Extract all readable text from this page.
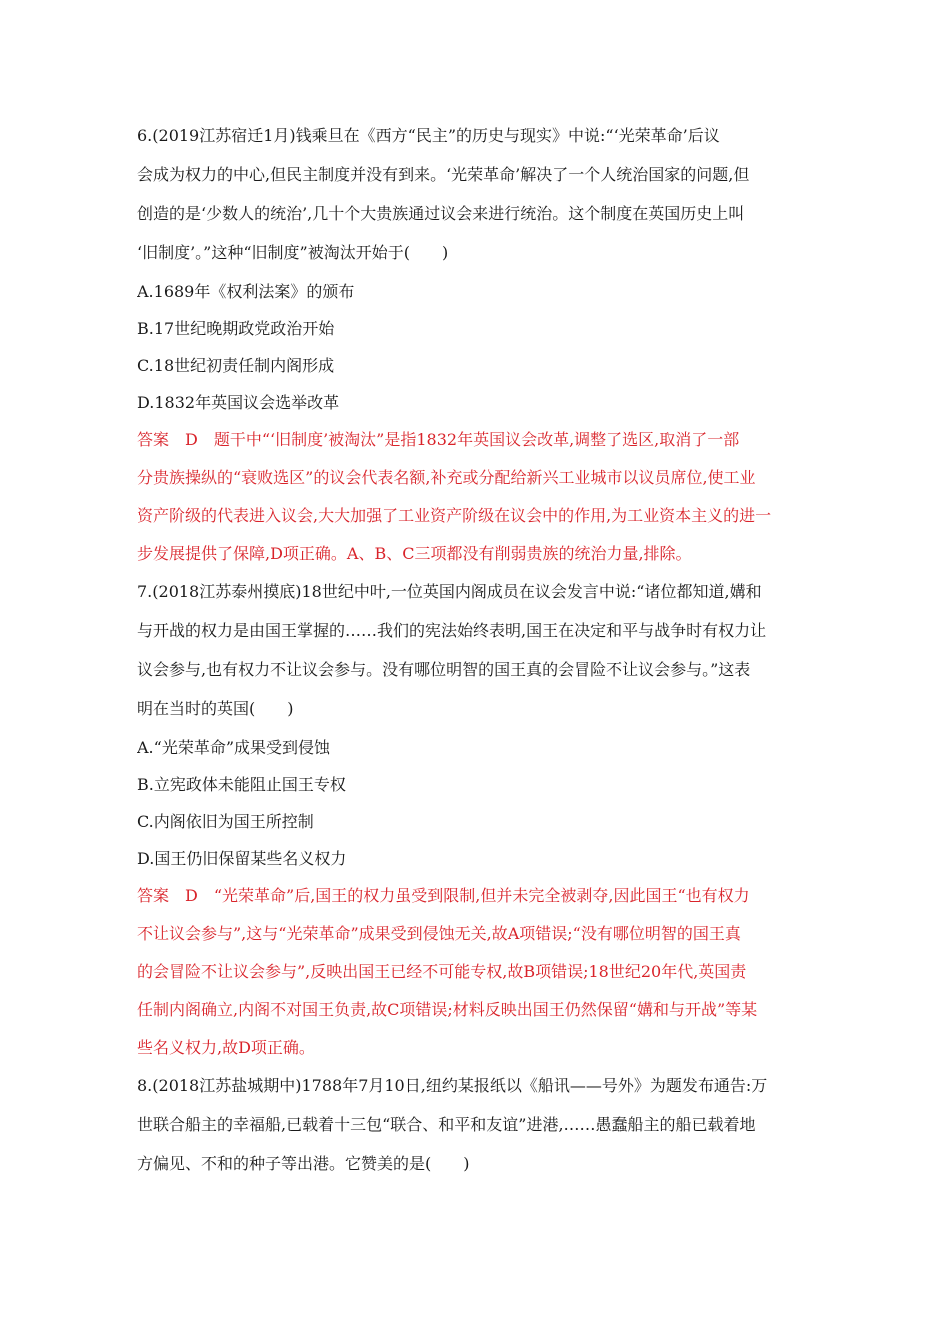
6.(2019江苏宿迁1月)钱乘旦在《西方“民主”的历史与现实》中说:“‘光荣革命’后议
会成为权力的中心,但民主制度并没有到来。‘光荣革命’解决了一个人统治国家的问题,但
创造的是‘少数人的统治’,几十个大贵族通过议会来进行统治。这个制度在英国历史上叫
‘旧制度’。”这种“旧制度”被淘汰开始于(　　)
A.1689年《权利法案》的颁布
B.17世纪晚期政党政治开始
C.18世纪初责任制内阁形成
D.1832年英国议会选举改革
答案　D　题干中“‘旧制度’被淘汰”是指1832年英国议会改革,调整了选区,取消了一部
分贵族操纵的“衰败选区”的议会代表名额,补充或分配给新兴工业城市以议员席位,使工业
资产阶级的代表进入议会,大大加强了工业资产阶级在议会中的作用,为工业资本主义的进一
步发展提供了保障,D项正确。A、B、C三项都没有削弱贵族的统治力量,排除。
7.(2018江苏泰州摸底)18世纪中叶,一位英国内阁成员在议会发言中说:“诸位都知道,媾和
与开战的权力是由国王掌握的……我们的宪法始终表明,国王在决定和平与战争时有权力让
议会参与,也有权力不让议会参与。没有哪位明智的国王真的会冒险不让议会参与。”这表
明在当时的英国(　　)
A.“光荣革命”成果受到侵蚀
B.立宪政体未能阻止国王专权
C.内阁依旧为国王所控制
D.国王仍旧保留某些名义权力
答案　D　“光荣革命”后,国王的权力虽受到限制,但并未完全被剥夺,因此国王“也有权力
不让议会参与”,这与“光荣革命”成果受到侵蚀无关,故A项错误;“没有哪位明智的国王真
的会冒险不让议会参与”,反映出国王已经不可能专权,故B项错误;18世纪20年代,英国责
任制内阁确立,内阁不对国王负责,故C项错误;材料反映出国王仍然保留“媾和与开战”等某
些名义权力,故D项正确。
8.(2018江苏盐城期中)1788年7月10日,纽约某报纸以《船讯——号外》为题发布通告:万
世联合船主的幸福船,已载着十三包“联合、和平和友谊”进港,……愚蠢船主的船已载着地
方偏见、不和的种子等出港。它赞美的是(　　)
